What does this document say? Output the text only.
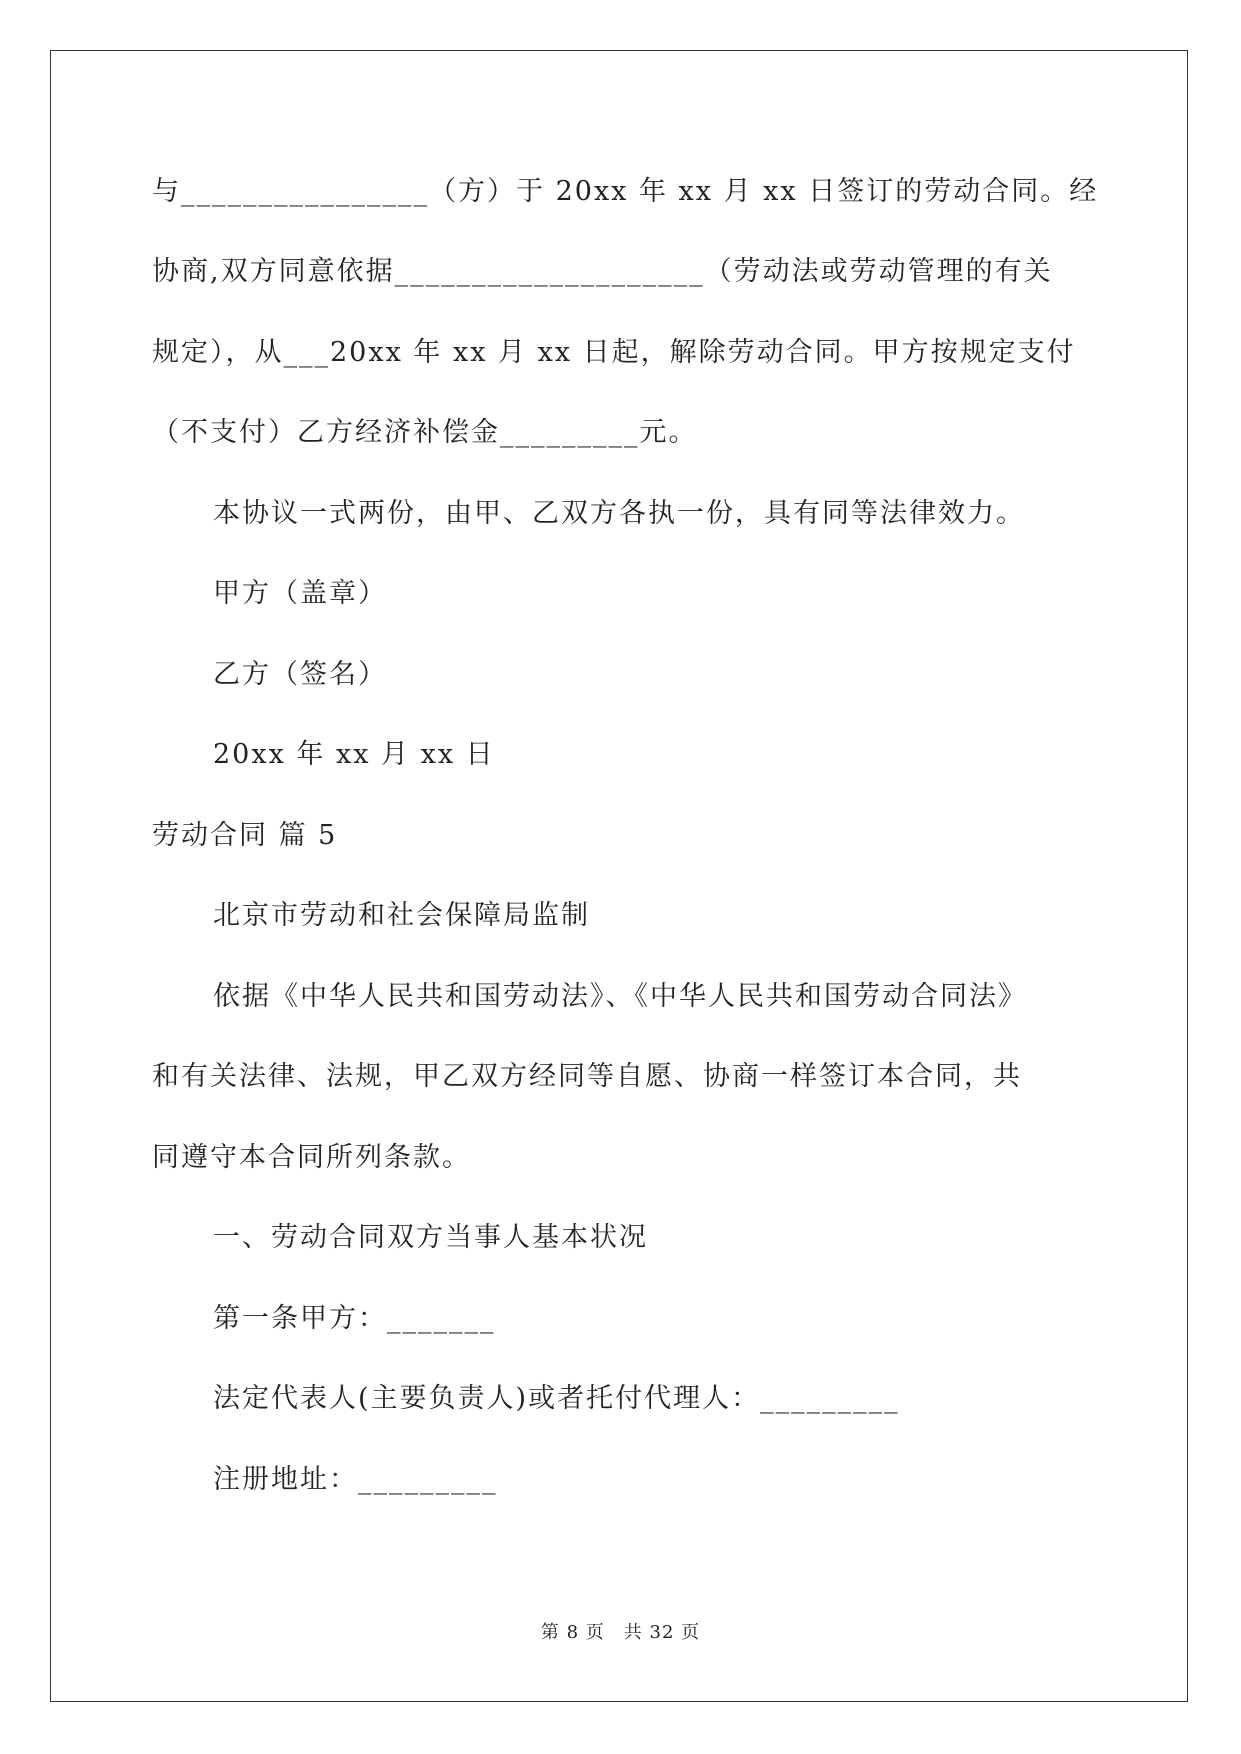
与________________（方）于 20xx 年 xx 月 xx 日签订的劳动合同。经
协商,双方同意依据____________________（劳动法或劳动管理的有关
规定），从___20xx 年 xx 月 xx 日起，解除劳动合同。甲方按规定支付
（不支付）乙方经济补偿金_________元。
本协议一式两份，由甲、乙双方各执一份，具有同等法律效力。
甲方（盖章）
乙方（签名）
20xx 年 xx 月 xx 日
劳动合同 篇 5
北京市劳动和社会保障局监制
依据《中华人民共和国劳动法》、《中华人民共和国劳动合同法》
和有关法律、法规，甲乙双方经同等自愿、协商一样签订本合同，共
同遵守本合同所列条款。
一、劳动合同双方当事人基本状况
第一条甲方：_______
法定代表人(主要负责人)或者托付代理人：_________
注册地址：_________
第 8 页　共 32 页
